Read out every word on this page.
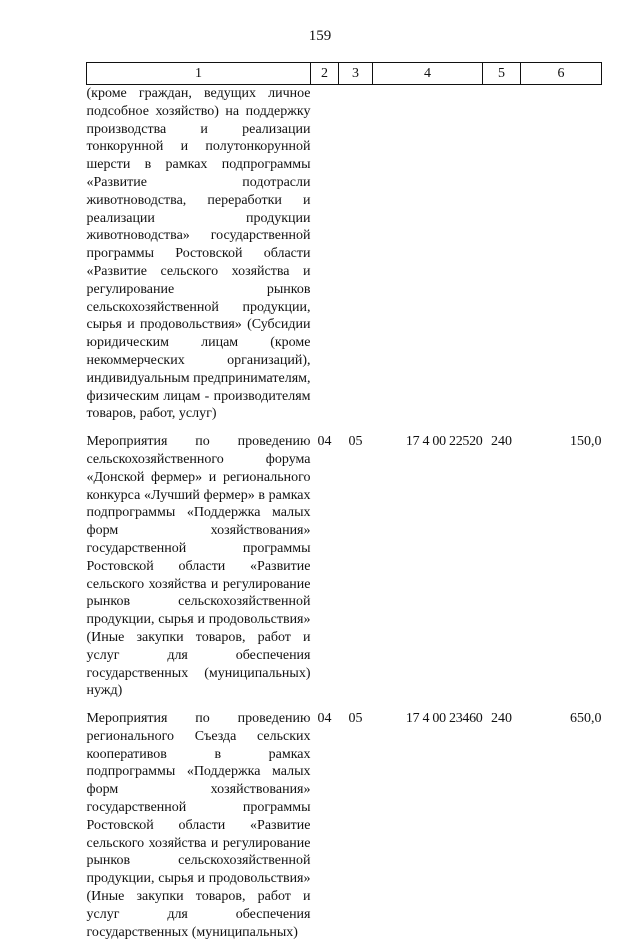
159
1	2	3	4	5	6
(кроме граждан, ведущих личное подсобное хозяйство) на поддержку производства и реализации тонкорунной и полутонкорунной шерсти в рамках подпрограммы «Развитие подотрасли животноводства, переработки и реализации продукции животноводства» государственной программы Ростовской области «Развитие сельского хозяйства и регулирование рынков сельскохозяйственной продукции, сырья и продовольствия» (Субсидии юридическим лицам (кроме некоммерческих организаций), индивидуальным предпринимателям, физическим лицам - производителям товаров, работ, услуг)					

Мероприятия по проведению сельскохозяйственного форума «Донской фермер» и регионального конкурса «Лучший фермер» в рамках подпрограммы «Поддержка малых форм хозяйствования» государственной программы Ростовской области «Развитие сельского хозяйства и регулирование рынков сельскохозяйственной продукции, сырья и продовольствия» (Иные закупки товаров, работ и услуг для обеспечения государственных (муниципальных) нужд)	04	05	17 4 00 22520	240	150,0

Мероприятия по проведению регионального Съезда сельских кооперативов в рамках подпрограммы «Поддержка малых форм хозяйствования» государственной программы Ростовской области «Развитие сельского хозяйства и регулирование рынков сельскохозяйственной продукции, сырья и продовольствия» (Иные закупки товаров, работ и услуг для обеспечения государственных (муниципальных)	04	05	17 4 00 23460	240	650,0
